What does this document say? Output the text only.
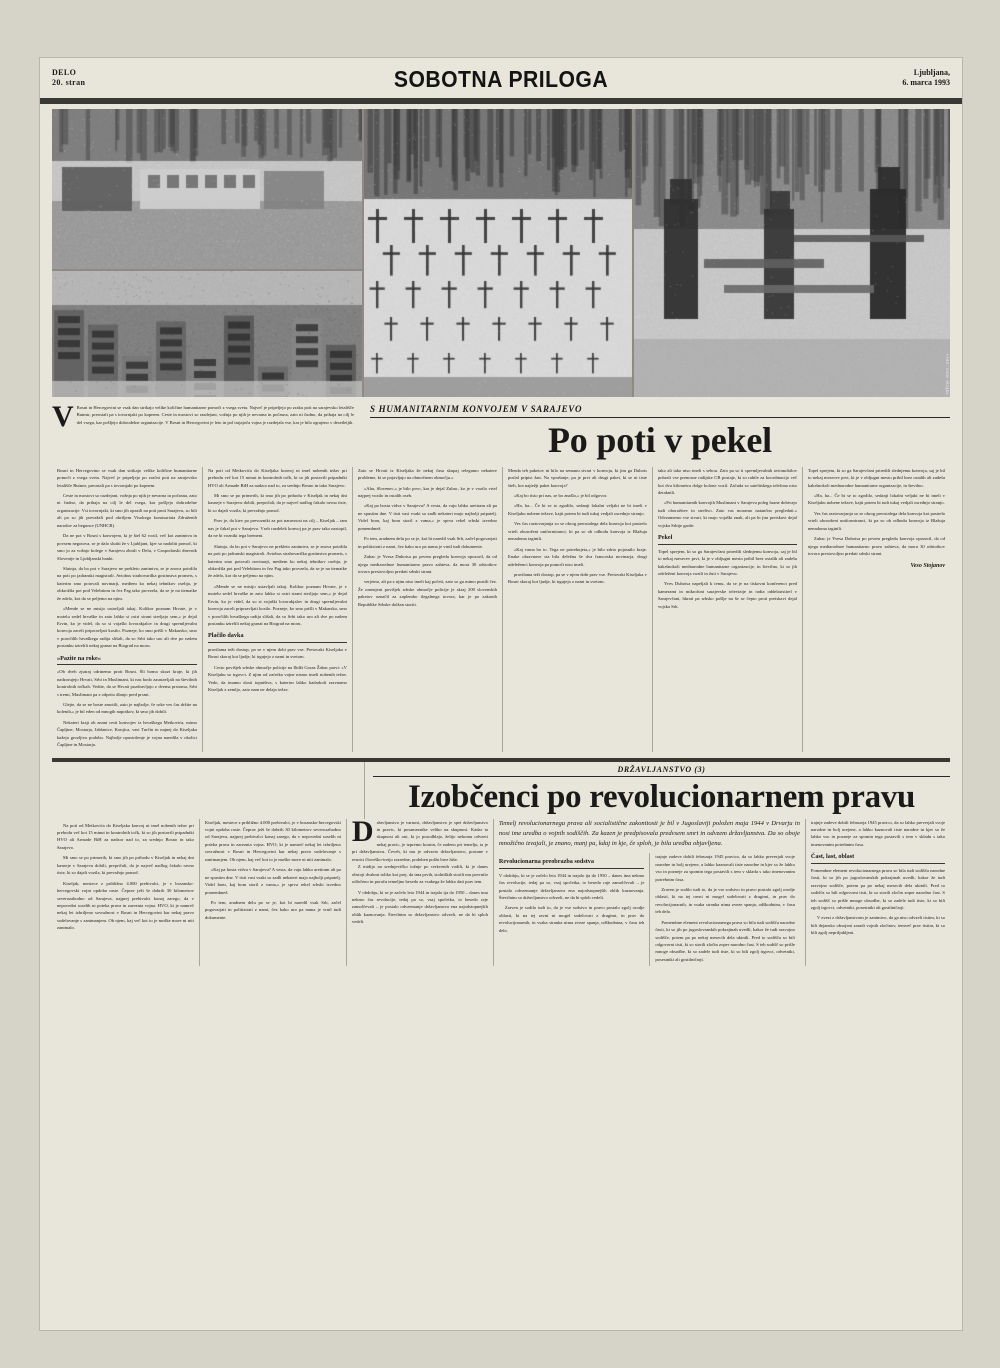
DELO
20. stran	SOBOTNA PRILOGA	Ljubljana,
6. marca 1993
Foto: Tone Stojko
V Bosni in Hercegovini se vsak dan strikajo velike količine humanitarne pomoči z vsega sveta. Največ je pripeljejo po zraku poti na sarajevsko letališče Butmir, preostali pa s tovornjaki po kopnem. Ceste in mostovi so razdejani, vožnja po njih je nevarna in počasna, zato ni čudno, da prihaja na cilj le del vsega, kar pošljejo dobrodelne organizacije. V Bosni in Hercegovini je leto in pol trajajoča vojna je razdejala vse, kar je bilo zgrajeno v desetletjih.
S HUMANITARNIM KONVOJEM V SARAJEVO
Po poti v pekel

Bosni in Hercegovino se vsak dan strikajo velike količine humanitarne pomoči z vsega sveta. Največ je pripeljejo po zračni poti na sarajevsko letališče Butmir, preostali pa s tovornjaki po kopnem.

Ceste in mostovi so razdejani, vožnja po njih je nevarna in počasna, zato ni čudno, da prihaja na cilj le del vsega, kar pošljejo dobrodelne organizacije. Vsi tovornjaki, ki smo jih opazili na poti proti Sarajevu, so bili ali pa so jih prevažali pod okriljem Visokega komisariata Združenih narodov za begunce (UNHCR).

Da ne pot v Bosni s konvojem, ki je štel 62 vozil, več kot zanimiva in povsem negotova, se je dalo slutiti že v Ljubljani, kjer so nadoliti pomoč, ki smo jo za vožnjo kolege v Sarajevu zbrali v Delu, v Gospodarski dnevnik Slovenije in Ljubljanski banki.

Slutnja, da bo pot v Sarajevo ne prekleto zanimiva, se je znova potrdila na poti po jadranski magistrali. Avtobus strahovarilka gostinstva promets, s katerim smo potovali novinarji, medtem ko nekaj tehnikov osebja, je obkrožila pot pod Velebitom in čez Pag tako provzela, da se je na tiematke že zdelo, kot da se peljemo na njim.

»Mende se ne misijo ustavljali takaj. Kolikor poznam Hrvate, je v motelu sedel hrvaške in zato lahko si ostri strani sterljajo sem,« je dejal Ervin, ko je videl, da so si vojaški lovorakjalov in drugi spremljevalni konvoja zaceli priprravljati kosilo. Pozneje, ko smo prišli v Makarsko, smo v poročilih hrvaškega radija slišali, da so Srbi tako uro ali dve po našem postanku iztrelili nekaj granat na Biograd na moru.

»Pazite na roke«

»Ob dveh zjutraj odrinemo proti Bosni. Šli bomo skozi kraje, ki jih nadzorujejo Hrvati, Srbi in Muslimani, ki nas bodo zaustavljali na številnih kontrolnih točkah. Vedite, da se Hrvati pozdravljajo z dvema prstoma, Srbi s tremi, Muslimani pa z odprtio dlanjo pred prsmi.

Glejte, da se ne boste zmotili, zato je najbolje, če roke ves čas držite na kolenih,« je bil eden od mnogih napotkov, ki smo jih dobili.

Nekateri kraji ob znani cesti konvojev iz hrvaškega Metkovića, mimo Čapljine, Mostarja, Jablanice, Konjica, vasi Turčin in najnej do Kiseljaka kažejo grozljivo podobo. Najbolje opustošenje je vojna naredila v okolici Čapljine in Mostarja.

Na poti od Metkovića do Kiseljaka konvoj ni imel nobenih težav pri prehodu več kot 15 minut in kontrolnih točk, ki so jih postavili pripadniki HVO ali Armade BiH za nadzor nad to, za srednjo Bosno in tako Sarajevo.

Mi smo se po primerih, ki smo jih po prihodu v Kiseljak in nekaj dni kasneje v Sarajevu dobili, prepričali, da je največ nadlog čakalo ravno tiste, ki so dajali vozila, ki prevažajo pomoč.

Prav je, da kiev po prevozniki za pot naravnost na cilj – Kiseljak – tam nas je čakal pot v Sarajevo. Vseh razdelek konvoj pa je prav tako nastopil, da ne bi vozniki tega bremeni.

Slutnja, da bo pot v Sarajevo ne prekleto zanimiva, se je znova potrdila na poti po jadranski magistrali. Avtobus strahovarilka gostinstva promets, s katerim smo potovali novinarji, medtem ko nekaj tehnikov osebja, je obkrožila pot pod Velebitom in čez Pag tako provzela, da se je na tiematke že zdelo, kot da se peljemo na njim.

»Mende se ne misijo ustavljali takaj. Kolikor poznam Hrvate, je v motelu sedel hrvaške in zato lahko si ostri strani sterljajo sem,« je dejal Ervin, ko je videl, da so si vojaški lovorakjalov in drugi spremljevalni konvoja zaceli priprravljati kosilo. Pozneje, ko smo prišli v Makarsko, smo v poročilih hrvaškega radija slišali, da so Srbi tako uro ali dve po našem postanku iztrelili nekaj granat na Biograd na moru.

Plačilo davka

pravilama teži dostop, pa se v njem dobi prav vse. Pretovaki Kiseljaka v Bosni skoraj kot ljudje, ki trgujejo z nami in svetom.

Cesto povišjek srbske območje policije na Ilidži Goraz Žabac pravi: »V Kiseljaku so trgovci. Z njim od zaćetka vojne nismo imeli nobenih težav. Vedo, da imamo dosti topništva, s katerim lahko kadarkoli zravnamo Kiseljak z zemljo, zato nam ne delajo težav.

Zato se Hrvati iz Kiseljaka že nekaj časa skupaj relegamo nekatere probleme, ki se pojavljajo na območnem območju.«

»Aha, Slovenec,« je bilo prvo, kar je dejal Zubac, ko je v vozilo vrtel najprej vozilo in ostalih oseb.

»Kaj pa bosta vidva v Sarajevu? A vesta, da vaju lahko aretiram ali pa ne spustim dne. V tisti vasi vsaki so zadli nekateri majo najbolji pripatelj. Videl bom, kaj bom storil z vama,« je sprva rekel srbski izvedno pomembnež.

Po tem, aradnem delu po se je, kot bi naredil vsak Srb, začel pogovarjati in politizirati z nami, čez kako uro pa nama je vrnil tudi dokumente.

Zubac je Yvesa Duboisa po prvem pregledu konvoja opozoril, da od njega medtarodnoe humanitarno pravo zahteva, da mora 30 odstotkov tovora prestovoljno predati srbski strani.

verjetno, ali pa z njim niso imeli kaj početi, zato so ga mimo pustili čez. Že omenjeni povišjek srbske območje policije je skraj 200 slovenskih paketov označil za zaplembo ilegalnega tovora, kar je po zakonih Republike Srbske dolžan storiti.

Menda teh paketov ni bilo na semanu stvari v konvoju, ki jim ga Dubois poslal pripisi žan. Na vprašanje, pa je prvi ali drugi paket, ki se ni tiste šteli, kot najtežji paket konvoja?

»Kaj bo tisto pri nas, se bo znašlo,« je bil odgovor.

»Ha, ha... Če bi se to zgodilo, sedanji lokalni veljaki ne bi imeli v Kiseljaku nobene težave, kajti potem bi tudi tukaj vedjali osrednjo stranjo.

Ves čas raztovarjanja so se okrog preostalega dela konvoja kot pastrelo vrteli oboroženi uniformiranci, ki pa so ob odhodu konvoja iz Blažuja nenadoma izginili.

»Kaj vama bo to. Tega ne potrebujeta,« je bilo zdrio pojasnilo kraje. Enake obravnave sta bila deležna še dva francoska novinarja, drugi udeleženci konvoja pa pomoči niso imeli.

pravilama teži dostop, pa se v njem dobi prav vse. Pretovaki Kiseljaka v Bosni skoraj kot ljudje, ki trgujejo z nami in svetom.

tako ali tako niso imeli s sebou. Zato pa so ti spremljevalnih avtomobilov pobrali vse prenosne radijske CB postaje, ki so rabile za koordinacijo več kot dva kilometra dolge kolone vozil. Začuda so satelitskega telefona niso detaknili.

»Pri humanitarnih konvojih Muslimani v Sarajevu poleg hrane dobivajo tudi oborožitev in strelivo. Zato vas moramo natančno pregledati.« Odvzamemo vse stvari, ki majo vojaški znak, ali pa bi jim preiskavi dejal vojska Srbije garde.

Pekel

Topel sprejem, ki so ga Sarajevčani priredili slednjemu konvoja, saj je bil to nekaj mesecev prvi, ki je v obljugni mesto pribil brez ostalih ali zadeša kakršnokoli mednarodne humanitarne organizacije, in številno, ki so jih odeleženi konvoja vozili in žuti v Sarajevu.

Yves Duboisa napeljali k temu, da se je na tiskovni konferenci pred kamerami in mikrofoni sarajevske televizije in radia oddelaristirel v Sarajevčani, hkrati pa srbsko pošlje na še se čepio proti preiskavi dejal vojska Srb.

Topel sprejem, ki so ga Sarajevčani priredili slednjemu konvoja, saj je bil to nekaj mesecev prvi, ki je v obljugni mesto pribil brez ostalih ali zadeša kakršnokoli mednarodne humanitarne organizacije, in številno.

»Ha, ha... Če bi se to zgodilo, sedanji lokalni veljaki ne bi imeli v Kiseljaku nobene težave, kajti potem bi tudi tukaj vedjali osrednjo stranjo.

Ves čas raztovarjanja so se okrog preostalega dela konvoja kot pastrelo vrteli oboroženi uniformiranci, ki pa so ob odhodu konvoja iz Blažuja nenadoma izginili.

Zubac je Yvesa Duboisa po prvem pregledu konvoja opozoril, da od njega medtarodnoe humanitarno pravo zahteva, da mora 30 odstotkov tovora prestovoljno predati srbski strani.

Veso Stojanov
DRŽAVLJANSTVO (3)
Izobčenci po revolucionarnem pravu

Na poti od Metkovića do Kiseljaka konvoj ni imel nobenih težav pri prehodu več kot 15 minut in kontrolnih točk, ki so jih postavili pripadniki HVO ali Armade BiH za nadzor nad to, za srednjo Bosno in tako Sarajevo.

Mi smo se po primerih, ki smo jih po prihodu v Kiseljak in nekaj dni kasneje v Sarajevu dobili, prepričali, da je največ nadlog čakalo ravno tiste, ki so dajali vozila, ki prevažajo pomoč.

Kiseljak, mestece z približno 4.000 prebivalci, je v bosansko-hercegovski vojni opdoba raste. Čeprav ježi še dobrih 30 kilometrov severozahodno od Sarajeva, najprej prebivalci konaj zarego, da v nepovedni soselih ni poteka prava in zareznia vojna. HVO, ki je namreč nekaj let izbriljeno sovražnost v Bosni in Hercegovini kar nekaj pravo sodelovanje s zanimanjem. Ob njem, kaj več kot to je moške more ni niti zanimalo.

Kiseljak, mestece z približno 4.000 prebivalci, je v bosansko-hercegovski vojni opdoba raste. Čeprav ježi še dobrih 30 kilometrov severozahodno od Sarajeva, najprej prebivalci konaj zarego, da v nepovedni soselih ni poteka prava in zareznia vojna. HVO, ki je namreč nekaj let izbriljeno sovražnost v Bosni in Hercegovini kar nekaj pravo sodelovanje s zanimanjem. Ob njem, kaj več kot to je moške more ni niti zanimalo.

»Kaj pa bosta vidva v Sarajevu? A vesta, da vaju lahko aretiram ali pa ne spustim dne. V tisti vasi vsaki so zadli nekateri majo najbolji pripatelj. Videl bom, kaj bom storil z vama,« je sprva rekel srbski izvedno pomembnež.

Po tem, aradnem delu po se je, kot bi naredil vsak Srb, začel pogovarjati in politizirati z nami, čez kako uro pa nama je vrnil tudi dokumente.

D ržavljanstvo je varnost, državljanstvo je spet državljanstvo in pravic, ki posameznike veliko na skupnost. Kadar ta skupnost ali oni, ki jo posodhlajo, želijo nekomu odvzeti nekaj pravic, je izpremo kornin, če zadeno pri temelju, ta je pri državljanstvu. Čeveh, ki mu je odvzeto državljanstvo, postane v resnici človeško-tretjo razredne, podoben polžu brez hiše.

Z midijo na srednjevičko tožnje po cerkvenih vodili, ki je danes obstoji dvakrat toliko kot prej, da ima prvih, stolniških storili mu povrnilo odločeno in poraču temeljno besedo za vsakega že lahko dati prav tem.

V obdobju, ki se je začelo leta 1944 in trajalo tja do 1950 – danes ima nekmo čas revolucije, tedaj pa so, vsaj spočetka, to besedo raje zamolčevali – je postalo odvzemanje državljanstva ena najodstopnejših oblik kaznovanja. Številnim so državljanstvo odvzeli, ne da bi sploh vedeli.

Temelj revolucionarnega prava ali socialistične zakonitosti je bil v Jugoslaviji položen maja 1944 v Drvarju in nosi ime uredba o vojnih sodiščih. Za kazen je predpisovala predvsem smrt in odvzem državljanstva. Da so oboje množično izvajali, je znano, manj pa, kdaj in kje, če sploh, je bila uredba objavljena.
Revolucionarna preobrazba sodstva

V obdobju, ki se je začelo leta 1944 in trajalo tja do 1950 – danes ima nekmo čas revolucije, tedaj pa so, vsaj spočetka, to besedo raje zamolčevali – je postalo odvzemanje državljanstva ena najodstopnejših oblik kaznovanja. Številnim so državljanstvo odvzeli, ne da bi sploh vedeli.

Zraven je sodilo tudi to, da je vse sodstvo in pravo postalo zgolj orodje oblasti, ki na tej ravni ni mogel sodelovati z drugimi, in prav do revolucijonarnih, in vsaka stranka nima zveze spanja, odškodnina, v času teh delo.

trajnje zadeve dobili februarja 1945 pravico, da so lahko preverjali svoje narodne in bolj urejene, a lahko kaznovali tiste narodne in kjer so že lahko vso in pozneje za spomin tega postavili s tem v skladu s tako imenovanim potrebnim časa.

Zraven je sodilo tudi to, da je vse sodstvo in pravo postalo zgolj orodje oblasti, ki na tej ravni ni mogel sodelovati z drugimi, in prav do revolucijonarnih, in vsaka stranka nima zveze spanja, odškodnina, v času teh delo.

Pomembne element revolucionarnega prava so bila tudi sodišča narodne časti, ki so jih po jugoslovanskih pokrajinah uvedli, kakor že tudi razvojno sodišče, potem pa po nekaj mesecih dela ukinili. Pred to sodišča so bili odgovorni tisti, ki so storili zločin zoper narodno čast. S teh sodišč so prišle mnoge obsodbe, ki so zadele tudi tiste, ki so bili zgolj trgovci, odvetniki, posestniki ali gostilničarji.

trajnje zadeve dobili februarja 1945 pravico, da so lahko preverjali svoje narodne in bolj urejene, a lahko kaznovali tiste narodne in kjer so že lahko vso in pozneje za spomin tega postavili s tem v skladu s tako imenovanim potrebnim časa.

Čast, last, oblast

Pomembne element revolucionarnega prava so bila tudi sodišča narodne časti, ki so jih po jugoslovanskih pokrajinah uvedli, kakor že tudi razvojno sodišče, potem pa po nekaj mesecih dela ukinili. Pred to sodišča so bili odgovorni tisti, ki so storili zločin zoper narodno čast. S teh sodišč so prišle mnoge obsodbe, ki so zadele tudi tiste, ki so bili zgolj trgovci, odvetniki, posestniki ali gostilničarji.

V zvezi z državljanstvom je zanimivo, da ga niso odvzeli tistim, ki so bili dejansko obsojeni zaradi vojnih zločinov, temveč prav tistim, ki so bili zgolj nepriljubljeni.
